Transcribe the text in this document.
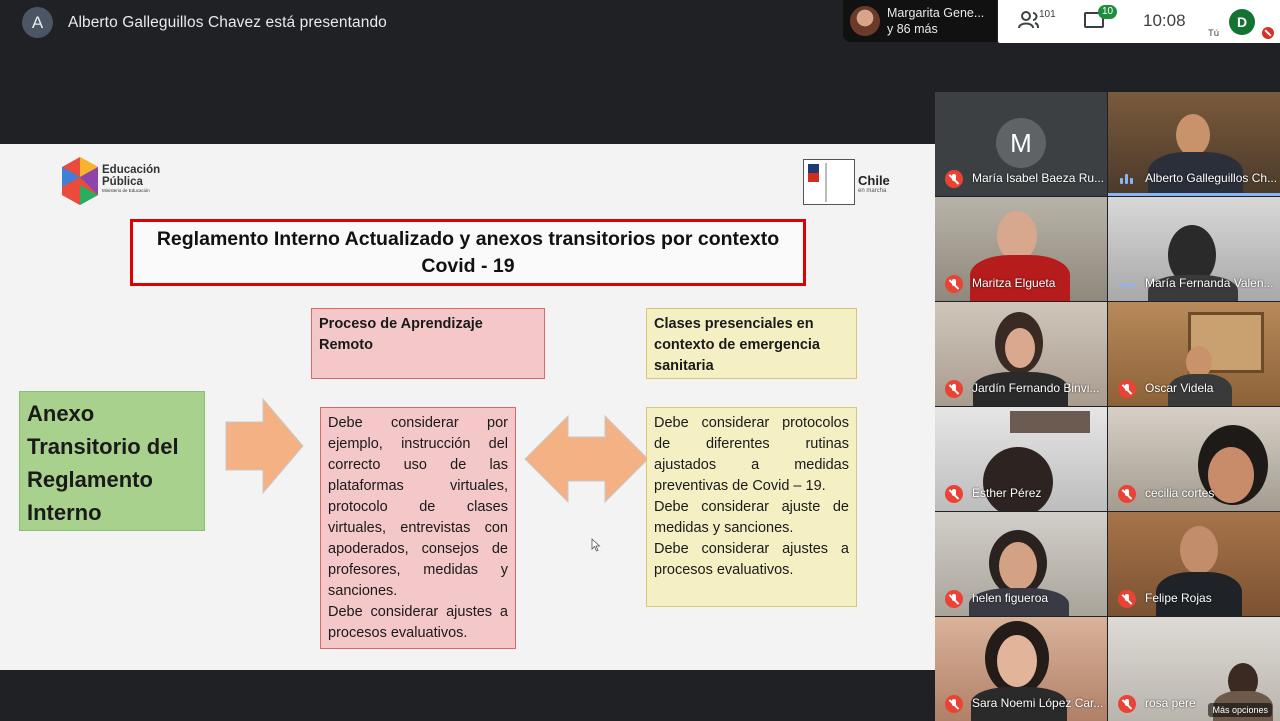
A	Alberto Galleguillos Chavez está presentando
Margarita Gene...
y 86 más
101	10 10:08	D
Tú
Educación
Pública
Ministerio de Educación
Chile
en marcha
Reglamento Interno Actualizado y anexos transitorios por contexto
Covid - 19
Anexo
Transitorio del
Reglamento
Interno
Proceso de Aprendizaje Remoto
Clases presenciales en contexto de emergencia sanitaria

Debe considerar por ejemplo, instrucción del correcto uso de las plataformas virtuales, protocolo de clases virtuales, entrevistas con apoderados, consejos de profesores, medidas y sanciones.

Debe considerar ajustes a procesos evaluativos.

Debe considerar protocolos de diferentes rutinas ajustados a medidas preventivas de Covid – 19.

Debe considerar ajuste de medidas y sanciones.

Debe considerar ajustes a procesos evaluativos.

M
María Isabel Baeza Ru...	Alberto Galleguillos Ch...
Maritza Elgueta	María Fernanda Valen...
Jardín Fernando Binvi...	Oscar Videla
Esther Pérez	cecilia cortes
helen figueroa	Felipe Rojas
Sara Noemi López Car...	rosa pere	Más opciones
